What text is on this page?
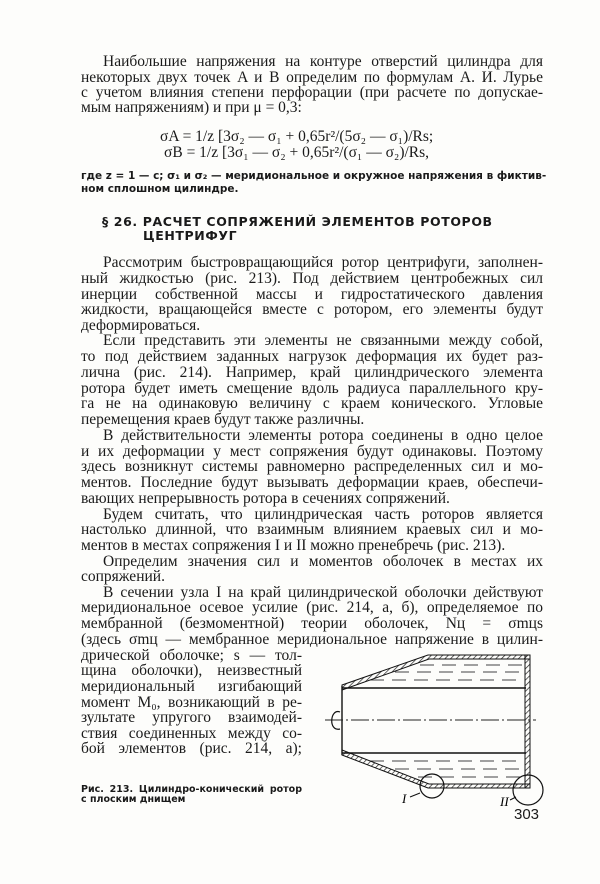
Наибольшие напряжения на контуре отверстий цилиндра для
некоторых двух точек A и B определим по формулам А. И. Лурье
с учетом влияния степени перфорации (при расчете по допускае-
мым напряжениям) и при μ = 0,3:
σA = 1/z [3σ₂ — σ₁ + 0,65r²/(5σ₂ — σ₁)/Rs;
σB = 1/z [3σ₁ — σ₂ + 0,65r²/(σ₁ — σ₂)/Rs,
где z = 1 — c; σ₁ и σ₂ — меридиональное и окружное напряжения в фиктив-
ном сплошном цилиндре.
§ 26. РАСЧЕТ СОПРЯЖЕНИЙ ЭЛЕМЕНТОВ РОТОРОВ
ЦЕНТРИФУГ
Рассмотрим быстровращающийся ротор центрифуги, заполнен-
ный жидкостью (рис. 213). Под действием центробежных сил
инерции собственной массы и гидростатического давления
жидкости, вращающейся вместе с ротором, его элементы будут
деформироваться.
Если представить эти элементы не связанными между собой,
то под действием заданных нагрузок деформация их будет раз-
лична (рис. 214). Например, край цилиндрического элемента
ротора будет иметь смещение вдоль радиуса параллельного кру-
га не на одинаковую величину с краем конического. Угловые
перемещения краев будут также различны.
В действительности элементы ротора соединены в одно целое
и их деформации у мест сопряжения будут одинаковы. Поэтому
здесь возникнут системы равномерно распределенных сил и мо-
ментов. Последние будут вызывать деформации краев, обеспечи-
вающих непрерывность ротора в сечениях сопряжений.
Будем считать, что цилиндрическая часть роторов является
настолько длинной, что взаимным влиянием краевых сил и мо-
ментов в местах сопряжения I и II можно пренебречь (рис. 213).
Определим значения сил и моментов оболочек в местах их
сопряжений.
В сечении узла I на край цилиндрической оболочки действуют
меридиональное осевое усилие (рис. 214, а, б), определяемое по
мембранной (безмоментной) теории оболочек, Nц = σmцs
(здесь σmц — мембранное меридиональное напряжение в цилин-
дрической оболочке; s — тол-
щина оболочки), неизвестный
меридиональный изгибающий
момент M₀, возникающий в ре-
зультате упругого взаимодей-
ствия соединенных между со-
бой элементов (рис. 214, а);
Рис. 213. Цилиндро-конический ротор
с плоским днищем	I	II
303
